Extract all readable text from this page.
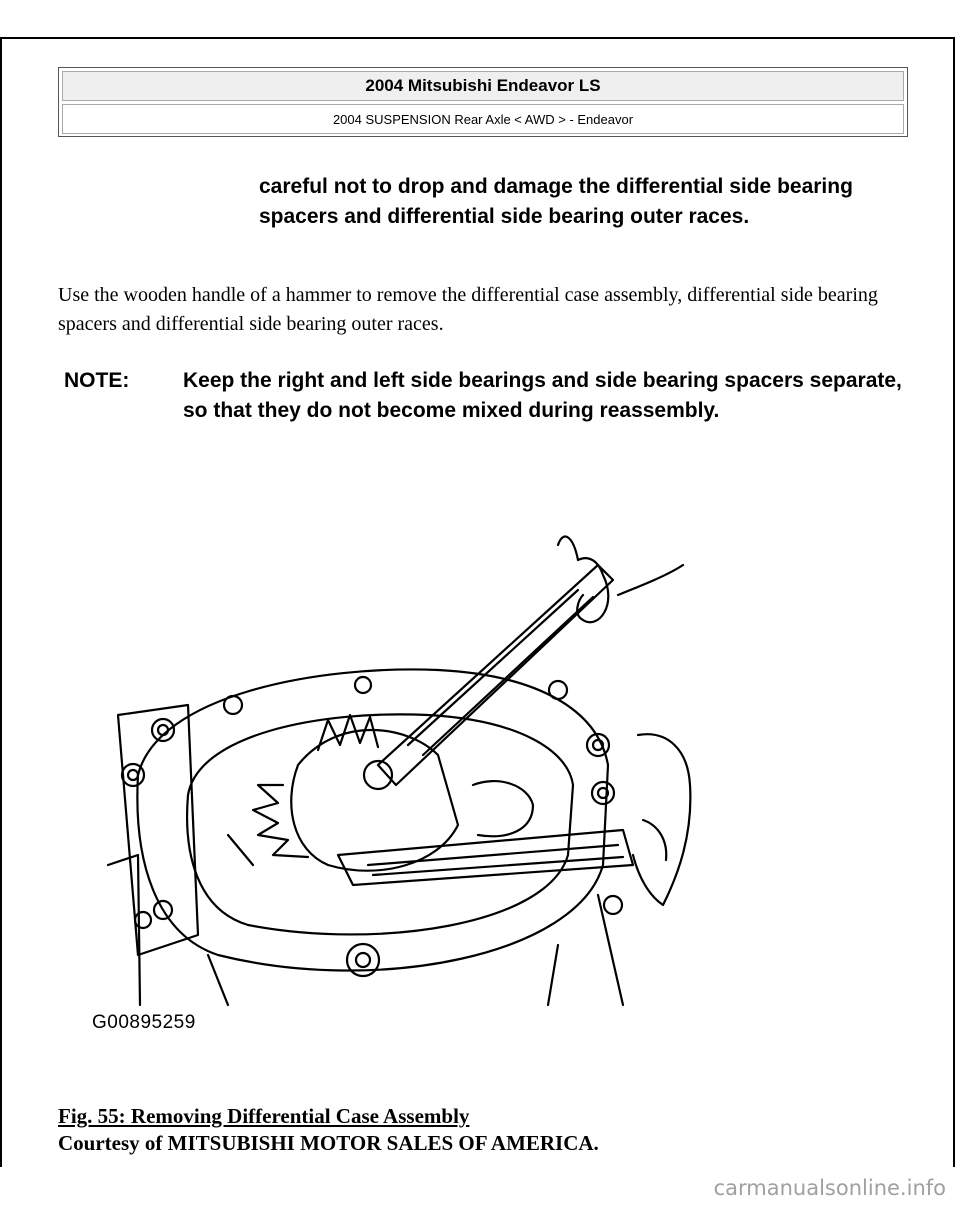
2004 Mitsubishi Endeavor LS
2004 SUSPENSION Rear Axle < AWD > - Endeavor
careful not to drop and damage the differential side bearing spacers and differential side bearing outer races.
Use the wooden handle of a hammer to remove the differential case assembly, differential side bearing spacers and differential side bearing outer races.
NOTE:	Keep the right and left side bearings and side bearing spacers separate, so that they do not become mixed during reassembly.
G00895259
Fig. 55: Removing Differential Case Assembly
Courtesy of MITSUBISHI MOTOR SALES OF AMERICA.
carmanualsonline.info
